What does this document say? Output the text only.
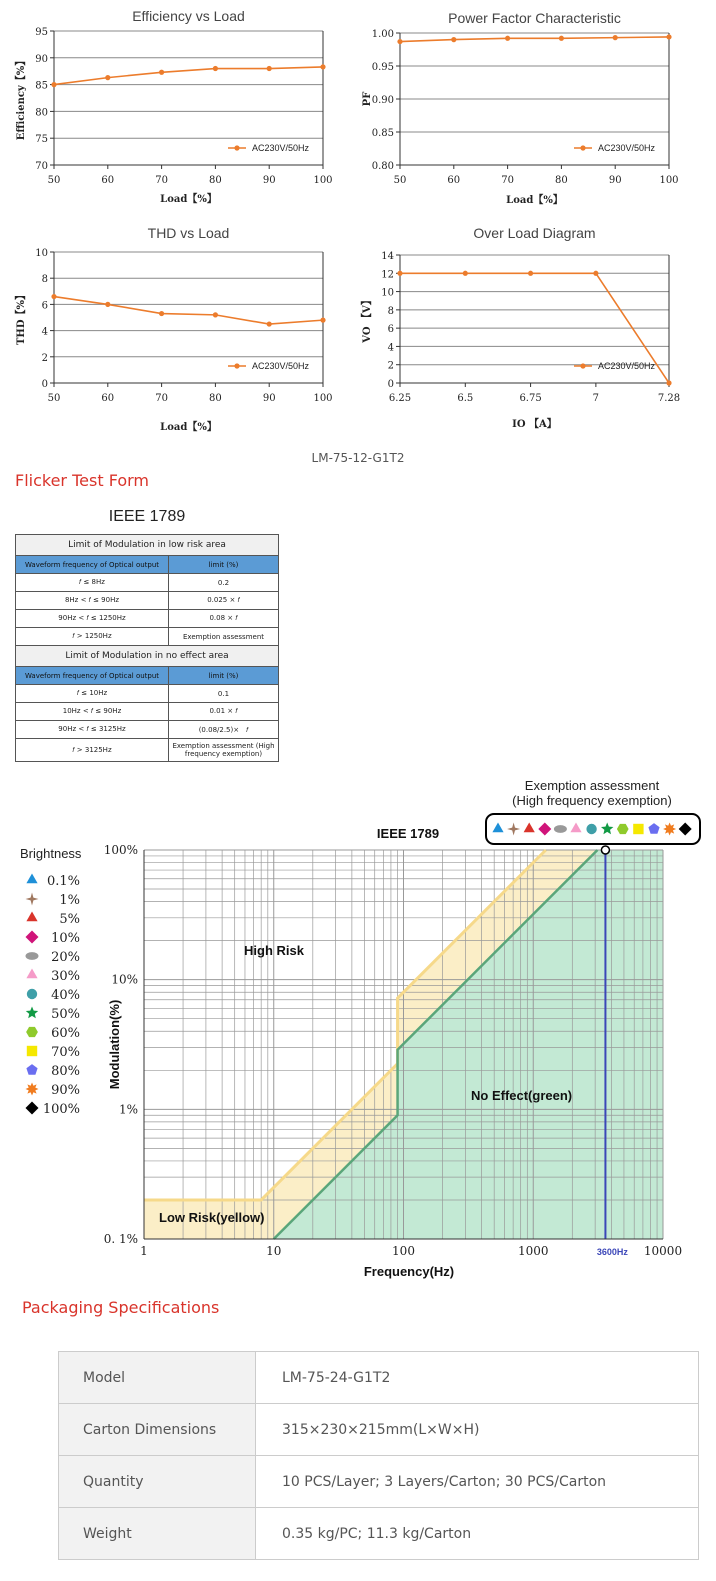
Efficiency vs Load
70
75
80
85
90
95
50	60	70	80	90	100
Load【%】
Efficiency【%】
AC230V/50Hz
Power Factor Characteristic
0.80
0.85
0.90
0.95
1.00
50	60	70	80	90	100
Load【%】
PF
AC230V/50Hz
THD vs Load
0
2
4
6
8
10
50	60	70	80	90	100
Load【%】
THD【%】
AC230V/50Hz
Over Load Diagram
0
2
4
6
8
10
12
14
6.25	6.5	6.75	7	7.28
IO 【A】
VO 【V】
AC230V/50Hz
LM-75-12-G1T2
Flicker Test Form
IEEE 1789
Limit of Modulation in low risk area	
Waveform frequency of Optical output	limit (%)
𝑓 ≤ 8Hz	0.2
8Hz < 𝑓 ≤ 90Hz	0.025 × 𝑓
90Hz < 𝑓 ≤ 1250Hz	0.08 × 𝑓
𝑓 > 1250Hz	Exemption assessment
Limit of Modulation in no effect area	
Waveform frequency of Optical output	limit (%)
𝑓 ≤ 10Hz	0.1
10Hz < 𝑓 ≤ 90Hz	0.01 × 𝑓
90Hz < 𝑓 ≤ 3125Hz	(0.08/2.5)×　𝑓
𝑓 > 3125Hz	Exemption assessment (High frequency exemption)
Exemption assessment
(High frequency exemption)
IEEE 1789
3600Hz
0. 1%
1%
10%
100%
1	10	100	1000	10000
Frequency(Hz)
Modulation(%)
High Risk
Low Risk(yellow)
No Effect(green)
Brightness
0.1%
1%
5%
10%
20%
30%
40%
50%
60%
70%
80%
90%
100%
Packaging Specifications
Model	LM-75-24-G1T2
Carton Dimensions	315×230×215mm(L×W×H)
Quantity	10 PCS/Layer; 3 Layers/Carton; 30 PCS/Carton
Weight	0.35 kg/PC; 11.3 kg/Carton
